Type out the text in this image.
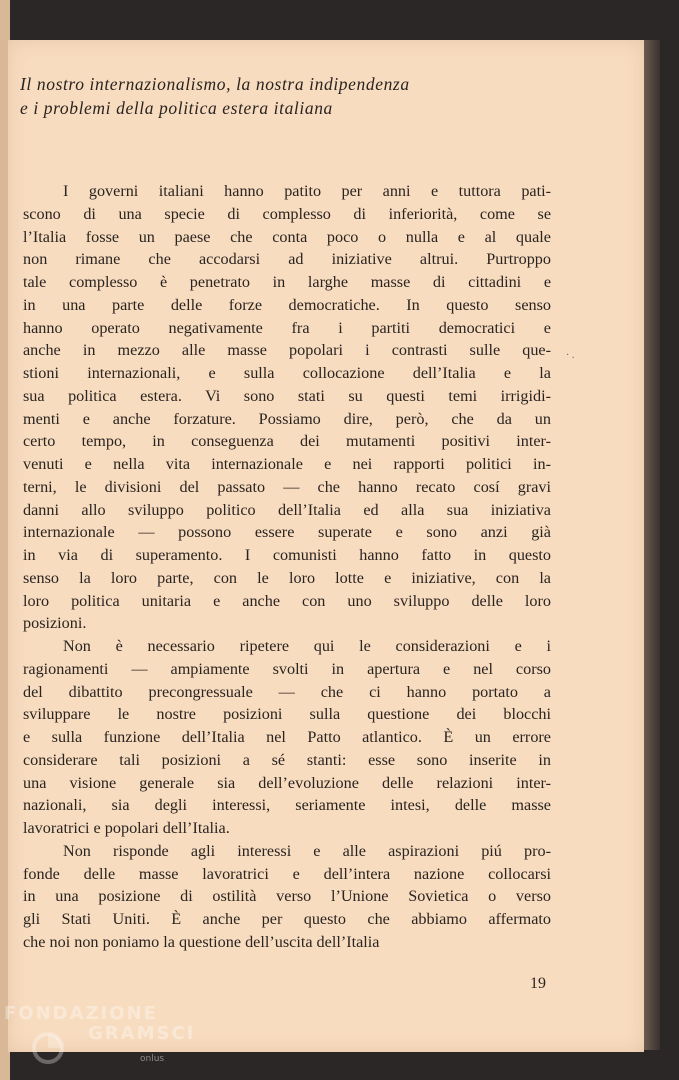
Il nostro internazionalismo, la nostra indipendenza
e i problemi della politica estera italiana
I governi italiani hanno patito per anni e tuttora pati-
scono di una specie di complesso di inferiorità, come se
l’Italia fosse un paese che conta poco o nulla e al quale
non rimane che accodarsi ad iniziative altrui. Purtroppo
tale complesso è penetrato in larghe masse di cittadini e
in una parte delle forze democratiche. In questo senso
hanno operato negativamente fra i partiti democratici e
anche in mezzo alle masse popolari i contrasti sulle que-
stioni internazionali, e sulla collocazione dell’Italia e la
sua politica estera. Vi sono stati su questi temi irrigidi-
menti e anche forzature. Possiamo dire, però, che da un
certo tempo, in conseguenza dei mutamenti positivi inter-
venuti e nella vita internazionale e nei rapporti politici in-
terni, le divisioni del passato — che hanno recato cosí gravi
danni allo sviluppo politico dell’Italia ed alla sua iniziativa
internazionale — possono essere superate e sono anzi già
in via di superamento. I comunisti hanno fatto in questo
senso la loro parte, con le loro lotte e iniziative, con la
loro politica unitaria e anche con uno sviluppo delle loro
posizioni.
Non è necessario ripetere qui le considerazioni e i
ragionamenti — ampiamente svolti in apertura e nel corso
del dibattito precongressuale — che ci hanno portato a
sviluppare le nostre posizioni sulla questione dei blocchi
e sulla funzione dell’Italia nel Patto atlantico. È un errore
considerare tali posizioni a sé stanti: esse sono inserite in
una visione generale sia dell’evoluzione delle relazioni inter-
nazionali, sia degli interessi, seriamente intesi, delle masse
lavoratrici e popolari dell’Italia.
Non risponde agli interessi e alle aspirazioni piú pro-
fonde delle masse lavoratrici e dell’intera nazione collocarsi
in una posizione di ostilità verso l’Unione Sovietica o verso
gli Stati Uniti. È anche per questo che abbiamo affermato
che noi non poniamo la questione dell’uscita dell’Italia
· .
19
FONDAZIONE
GRAMSCI
onlus
